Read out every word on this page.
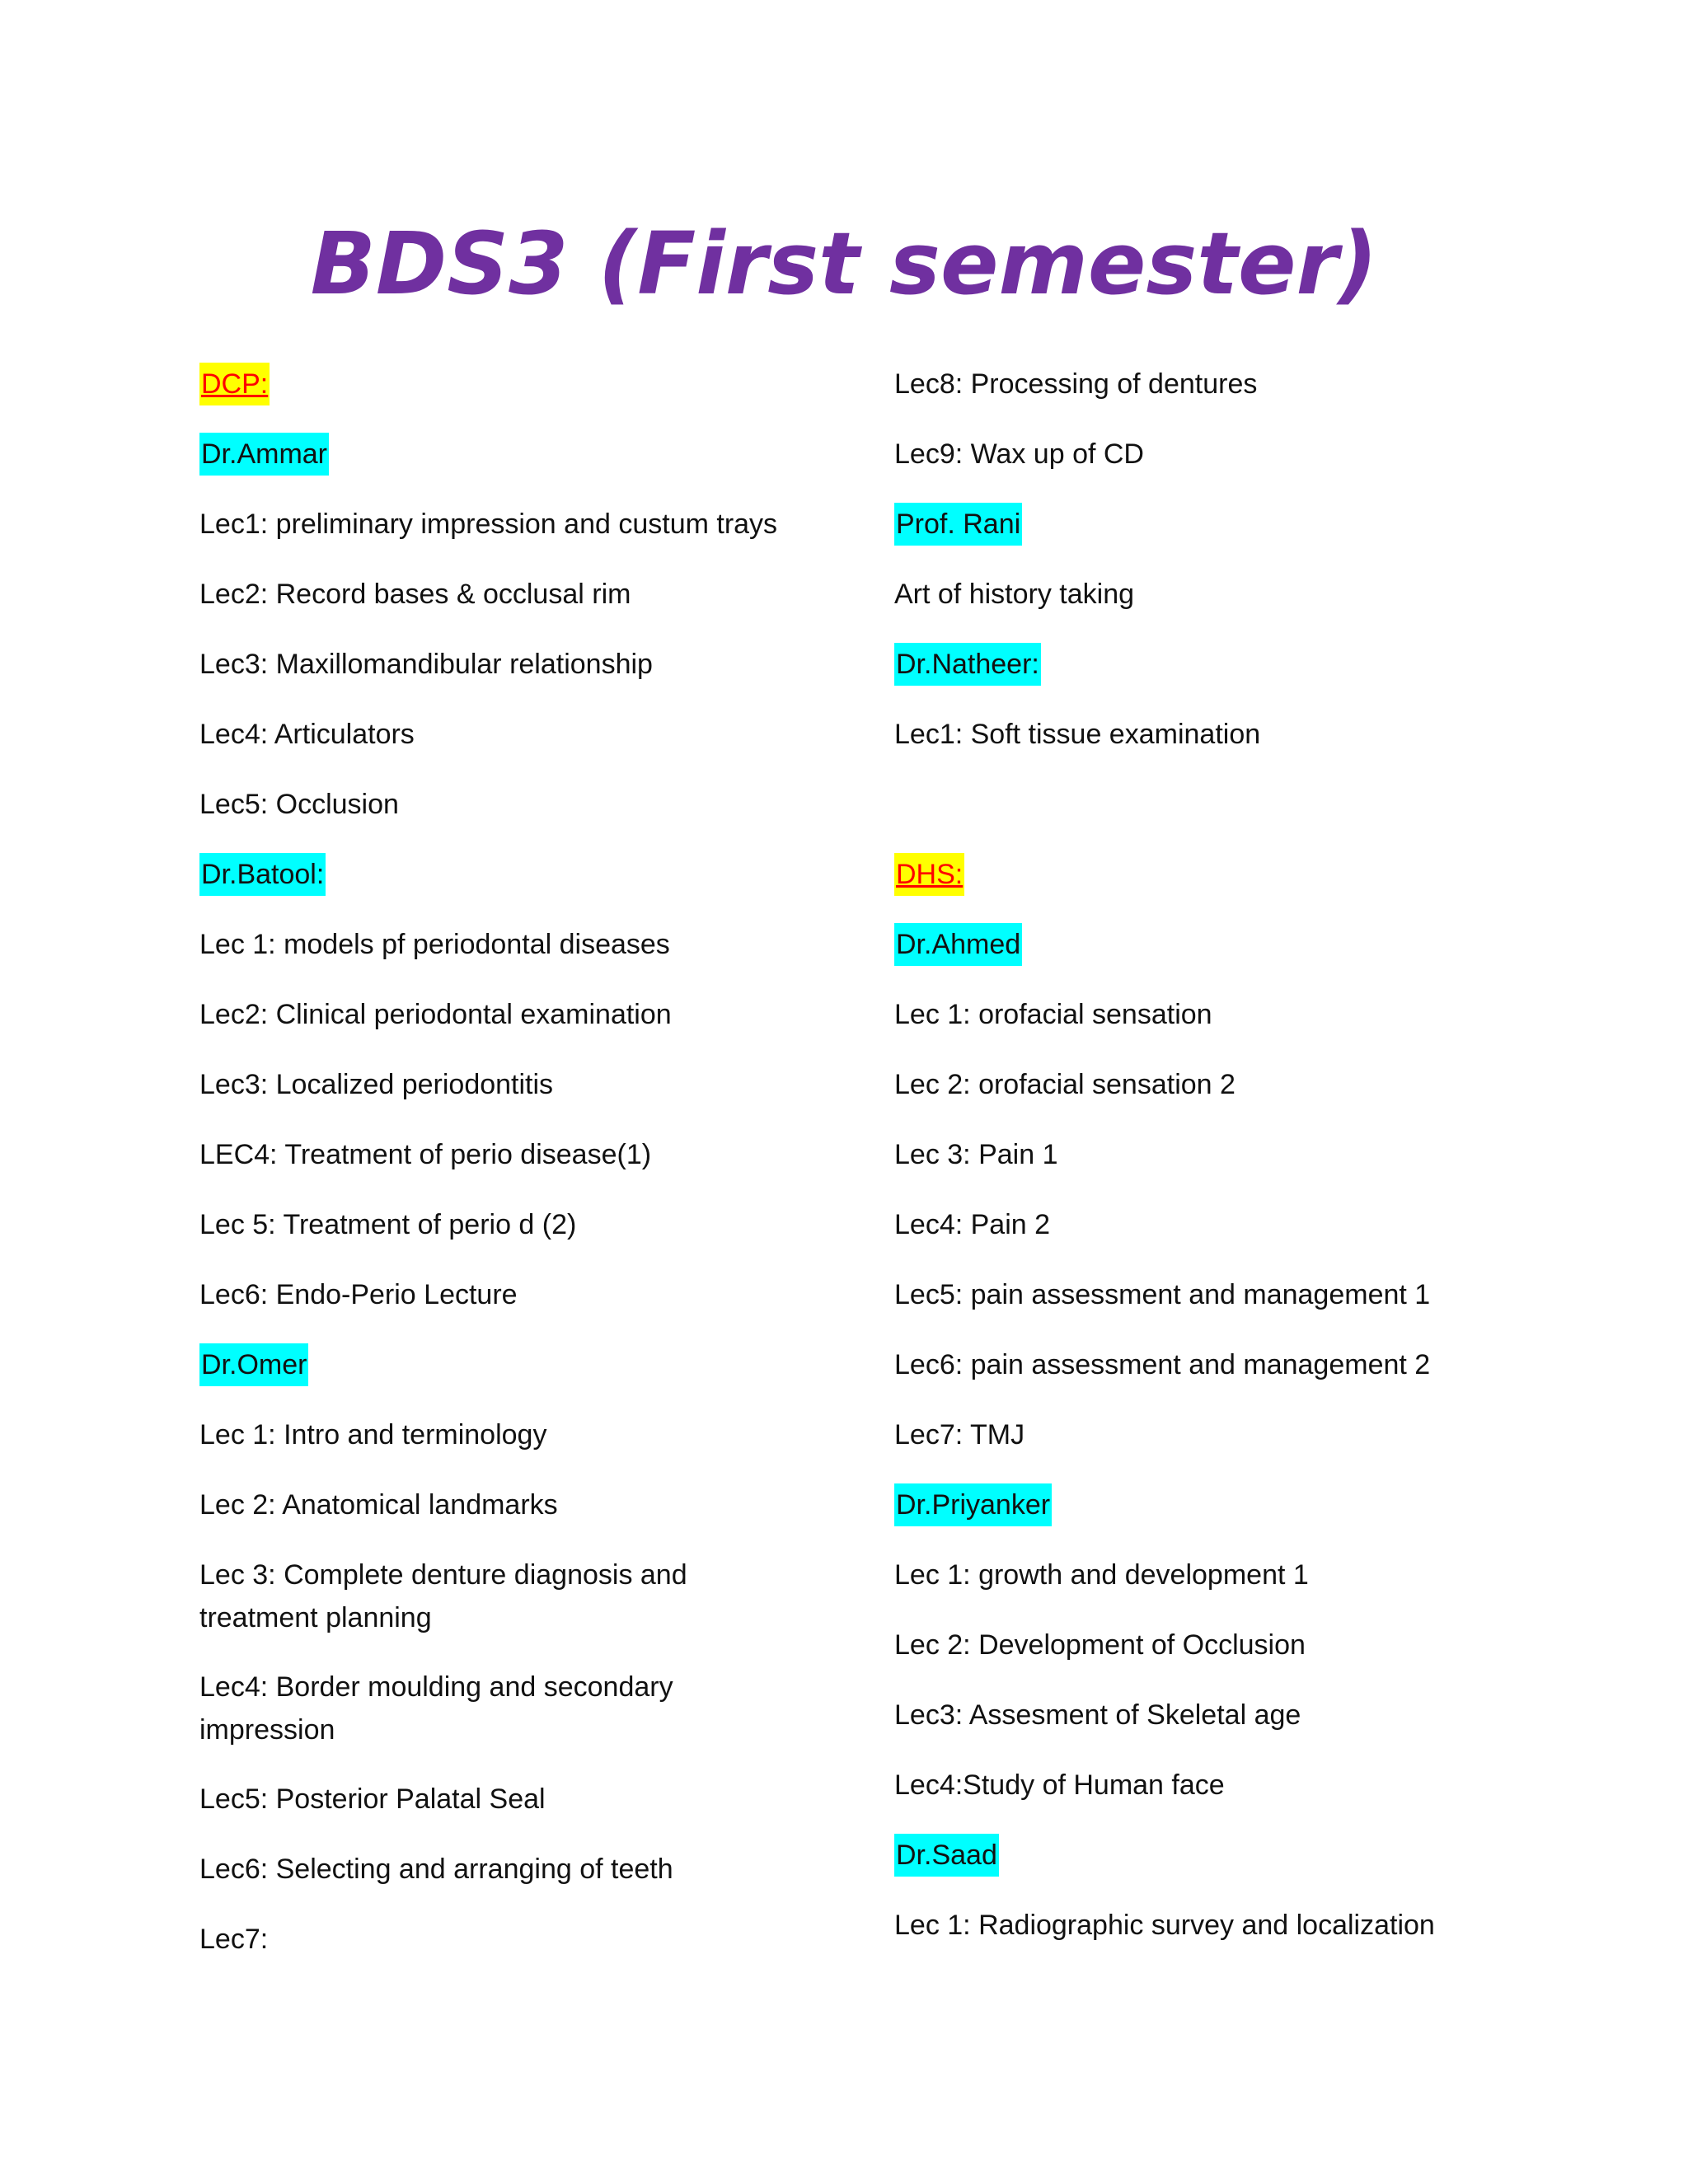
BDS3 (First semester)
DCP:
Dr.Ammar
Lec1: preliminary impression and custum trays
Lec2: Record bases & occlusal rim
Lec3: Maxillomandibular relationship
Lec4: Articulators
Lec5: Occlusion
Dr.Batool:
Lec 1: models pf periodontal diseases
Lec2: Clinical periodontal examination
Lec3: Localized periodontitis
LEC4: Treatment of perio disease(1)
Lec 5: Treatment of perio d (2)
Lec6: Endo-Perio Lecture
Dr.Omer
Lec 1: Intro and terminology
Lec 2: Anatomical landmarks
Lec 3: Complete denture diagnosis and treatment planning
Lec4: Border moulding and secondary impression
Lec5: Posterior Palatal Seal
Lec6: Selecting and arranging of teeth
Lec7:
Lec8: Processing of dentures
Lec9: Wax up of CD
Prof. Rani
Art of history taking
Dr.Natheer:
Lec1: Soft tissue examination
DHS:
Dr.Ahmed
Lec 1: orofacial sensation
Lec 2: orofacial sensation 2
Lec 3: Pain 1
Lec4: Pain 2
Lec5: pain assessment and management 1
Lec6: pain assessment and management 2
Lec7: TMJ
Dr.Priyanker
Lec 1: growth and development 1
Lec 2: Development of Occlusion
Lec3: Assesment of Skeletal age
Lec4:Study of Human face
Dr.Saad
Lec 1: Radiographic survey and localization
